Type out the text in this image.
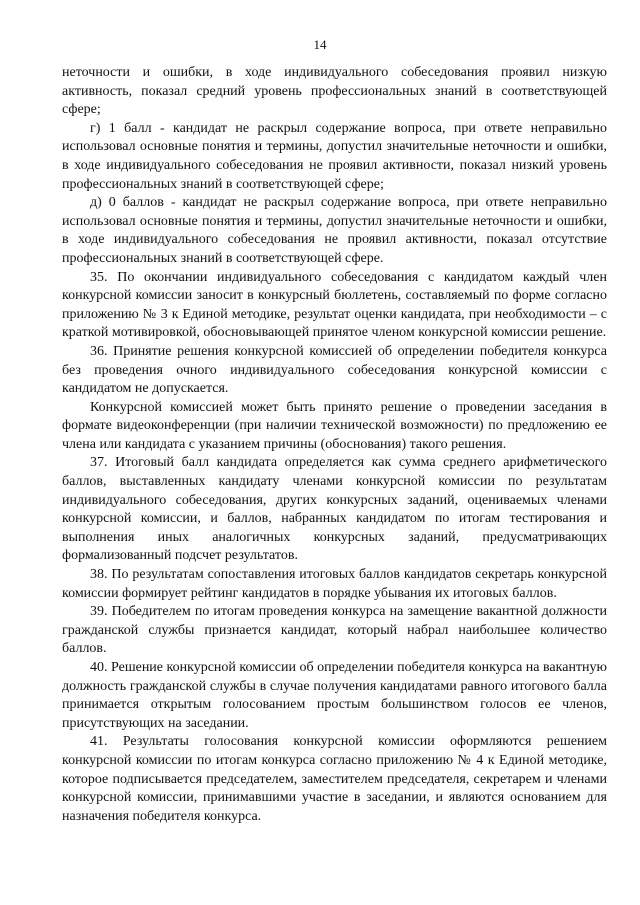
14

неточности и ошибки, в ходе индивидуального собеседования проявил низкую активность, показал средний уровень профессиональных знаний в соответствующей сфере;

г) 1 балл - кандидат не раскрыл содержание вопроса, при ответе неправильно использовал основные понятия и термины, допустил значительные неточности и ошибки, в ходе индивидуального собеседования не проявил активности, показал низкий уровень профессиональных знаний в соответствующей сфере;

д) 0 баллов - кандидат не раскрыл содержание вопроса, при ответе неправильно использовал основные понятия и термины, допустил значительные неточности и ошибки, в ходе индивидуального собеседования не проявил активности, показал отсутствие профессиональных знаний в соответствующей сфере.

35. По окончании индивидуального собеседования с кандидатом каждый член конкурсной комиссии заносит в конкурсный бюллетень, составляемый по форме согласно приложению № 3 к Единой методике, результат оценки кандидата, при необходимости – с краткой мотивировкой, обосновывающей принятое членом конкурсной комиссии решение.

36. Принятие решения конкурсной комиссией об определении победителя конкурса без проведения очного индивидуального собеседования конкурсной комиссии с кандидатом не допускается.

Конкурсной комиссией может быть принято решение о проведении заседания в формате видеоконференции (при наличии технической возможности) по предложению ее члена или кандидата с указанием причины (обоснования) такого решения.

37. Итоговый балл кандидата определяется как сумма среднего арифметического баллов, выставленных кандидату членами конкурсной комиссии по результатам индивидуального собеседования, других конкурсных заданий, оцениваемых членами конкурсной комиссии, и баллов, набранных кандидатом по итогам тестирования и выполнения иных аналогичных конкурсных заданий, предусматривающих формализованный подсчет результатов.

38. По результатам сопоставления итоговых баллов кандидатов секретарь конкурсной комиссии формирует рейтинг кандидатов в порядке убывания их итоговых баллов.

39. Победителем по итогам проведения конкурса на замещение вакантной должности гражданской службы признается кандидат, который набрал наибольшее количество баллов.

40. Решение конкурсной комиссии об определении победителя конкурса на вакантную должность гражданской службы в случае получения кандидатами равного итогового балла принимается открытым голосованием простым большинством голосов ее членов, присутствующих на заседании.

41. Результаты голосования конкурсной комиссии оформляются решением конкурсной комиссии по итогам конкурса согласно приложению № 4 к Единой методике, которое подписывается председателем, заместителем председателя, секретарем и членами конкурсной комиссии, принимавшими участие в заседании, и являются основанием для назначения победителя конкурса.
